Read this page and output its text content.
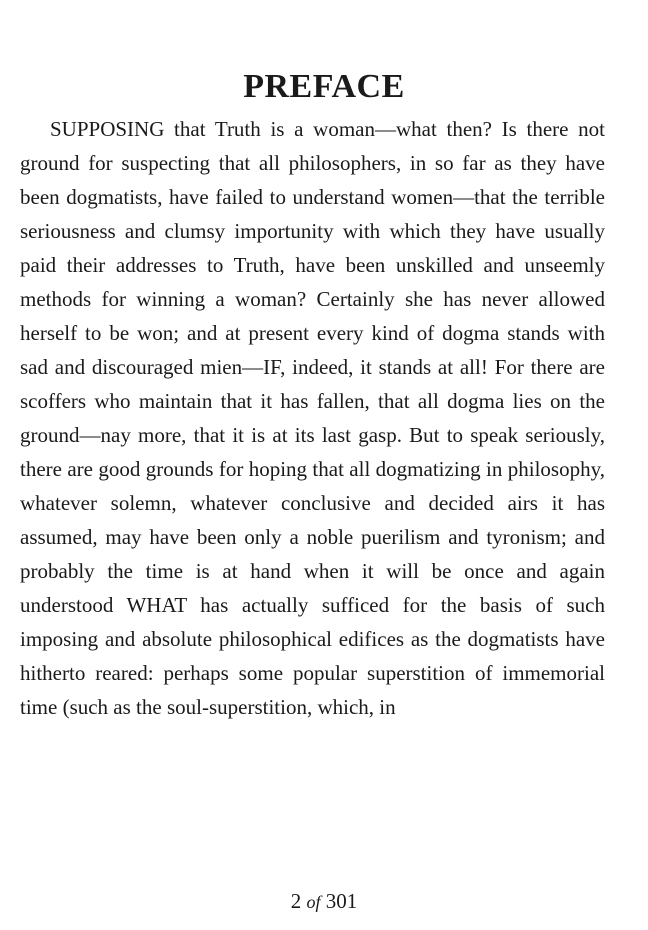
PREFACE

SUPPOSING that Truth is a woman—what then? Is there not ground for suspecting that all philosophers, in so far as they have been dogmatists, have failed to understand women—that the terrible seriousness and clumsy importunity with which they have usually paid their addresses to Truth, have been unskilled and unseemly methods for winning a woman? Certainly she has never allowed herself to be won; and at present every kind of dogma stands with sad and discouraged mien—IF, indeed, it stands at all! For there are scoffers who maintain that it has fallen, that all dogma lies on the ground—nay more, that it is at its last gasp. But to speak seriously, there are good grounds for hoping that all dogmatizing in philosophy, whatever solemn, whatever conclusive and decided airs it has assumed, may have been only a noble puerilism and tyronism; and probably the time is at hand when it will be once and again understood WHAT has actually sufficed for the basis of such imposing and absolute philosophical edifices as the dogmatists have hitherto reared: perhaps some popular superstition of immemorial time (such as the soul-superstition, which, in

2 of 301
